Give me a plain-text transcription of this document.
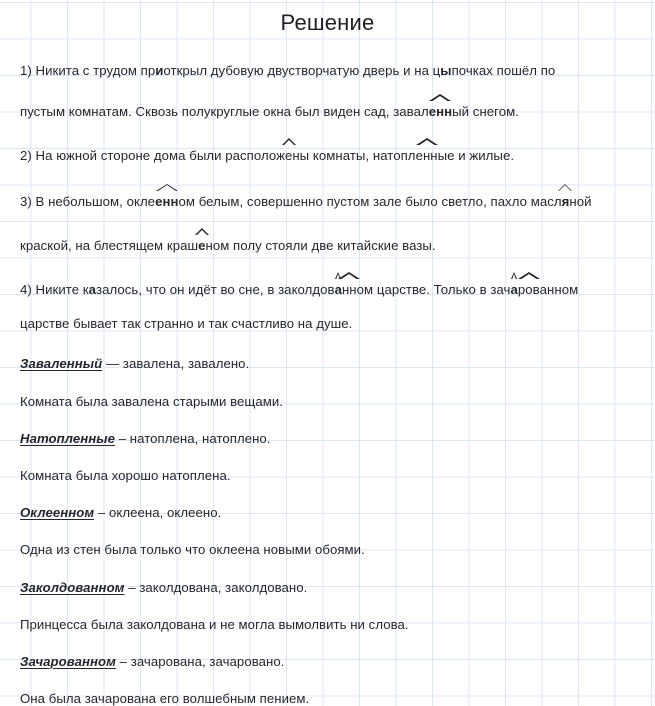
Решение
1) Никита с трудом приоткрыл дубовую двустворчатую дверь и на цыпочках пошёл по
пустым комнатам. Сквозь полукруглые окна был виден сад, заваленный снегом.
2) На южной стороне дома были расположены комнаты, натопленные и жилые.
3) В небольшом, оклеенном белым, совершенно пустом зале было светло, пахло масляной
краской, на блестящем крашеном полу стояли две китайские вазы.
4) Никите казалось, что он идёт во сне, в заколдованном царстве. Только в зачарованном
царстве бывает так странно и так счастливо на душе.
Заваленный — завалена, завалено.
Комната была завалена старыми вещами.
Натопленные – натоплена, натоплено.
Комната была хорошо натоплена.
Оклеенном – оклеена, оклеено.
Одна из стен была только что оклеена новыми обоями.
Заколдованном – заколдована, заколдовано.
Принцесса была заколдована и не могла вымолвить ни слова.
Зачарованном – зачарована, зачаровано.
Она была зачарована его волшебным пением.
